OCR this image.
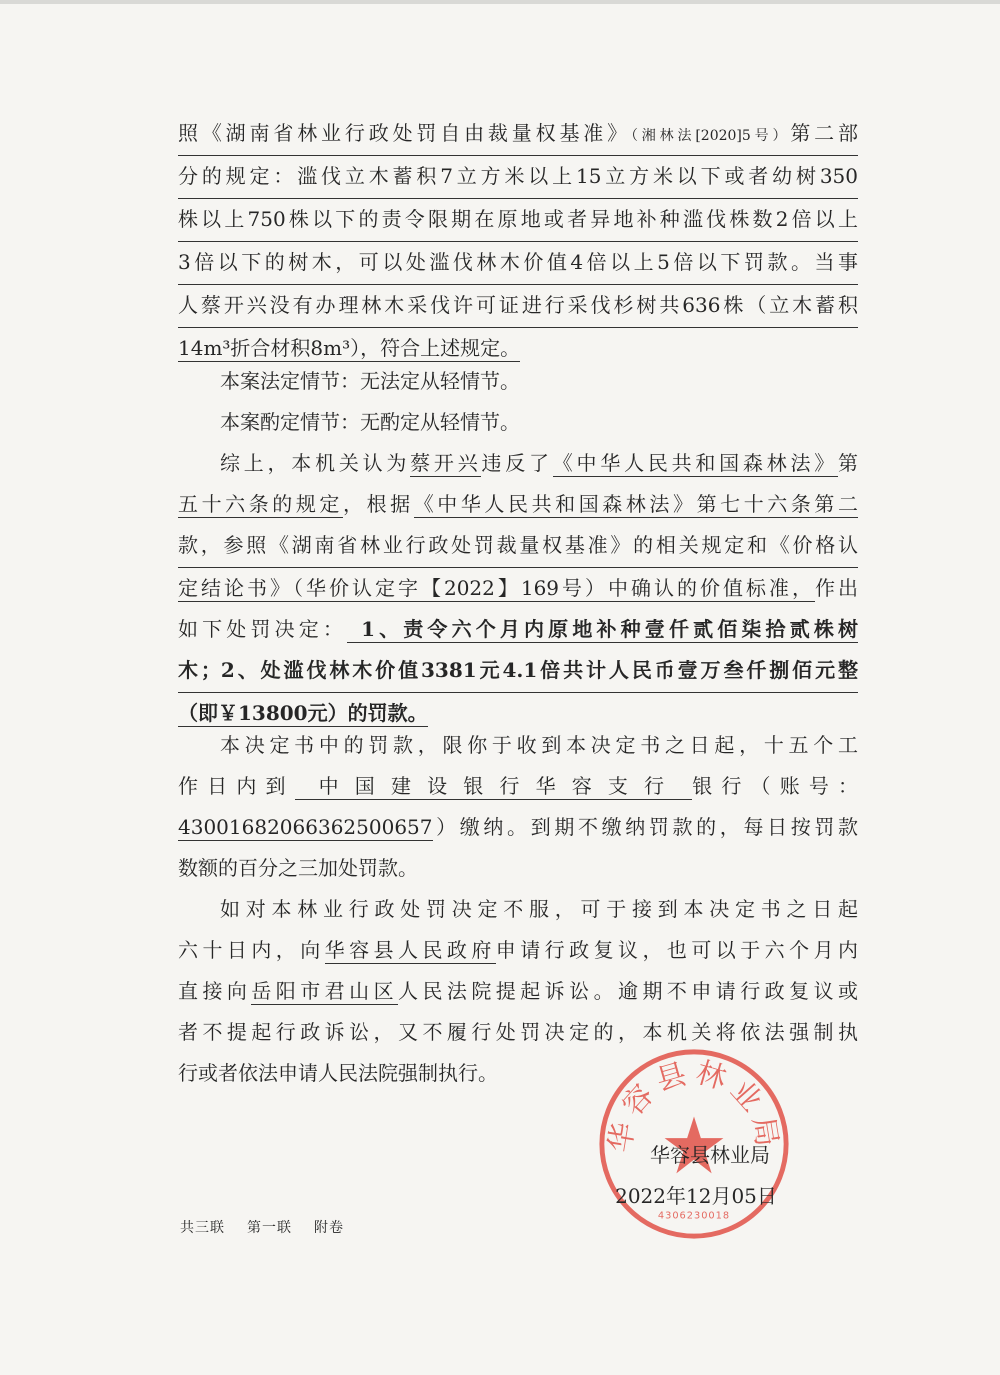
照《湖南省林业行政处罚自由裁量权基准》（湘林法[2020]5号）第二部
分的规定：滥伐立木蓄积7立方米以上15立方米以下或者幼树350
株以上750株以下的责令限期在原地或者异地补种滥伐株数2倍以上
3倍以下的树木，可以处滥伐林木价值4倍以上5倍以下罚款。当事
人蔡开兴没有办理林木采伐许可证进行采伐杉树共636株（立木蓄积
14m³折合材积8m³），符合上述规定。
本案法定情节：无法定从轻情节。
本案酌定情节：无酌定从轻情节。
综上，本机关认为蔡开兴违反了《中华人民共和国森林法》第
五十六条的规定，根据《中华人民共和国森林法》第七十六条第二
款，参照《湖南省林业行政处罚裁量权基准》的相关规定和《价格认
定结论书》（华价认定字【2022】169号）中确认的价值标准，作出
如下处罚决定： 1、责令六个月内原地补种壹仟贰佰柒拾贰株树
木；2、处滥伐林木价值3381元4.1倍共计人民币壹万叁仟捌佰元整
（即￥13800元）的罚款。
本决定书中的罚款，限你于收到本决定书之日起，十五个工
作日内到 中国建设银行华容支行 银行（账号：
43001682066362500657）缴纳。到期不缴纳罚款的，每日按罚款
数额的百分之三加处罚款。
如对本林业行政处罚决定不服，可于接到本决定书之日起
六十日内，向华容县人民政府申请行政复议，也可以于六个月内
直接向岳阳市君山区人民法院提起诉讼。逾期不申请行政复议或
者不提起行政诉讼，又不履行处罚决定的，本机关将依法强制执
行或者依法申请人民法院强制执行。
华容县林业局
4306230018
华容县林业局
2022年12月05日
共三联 第一联 附卷
